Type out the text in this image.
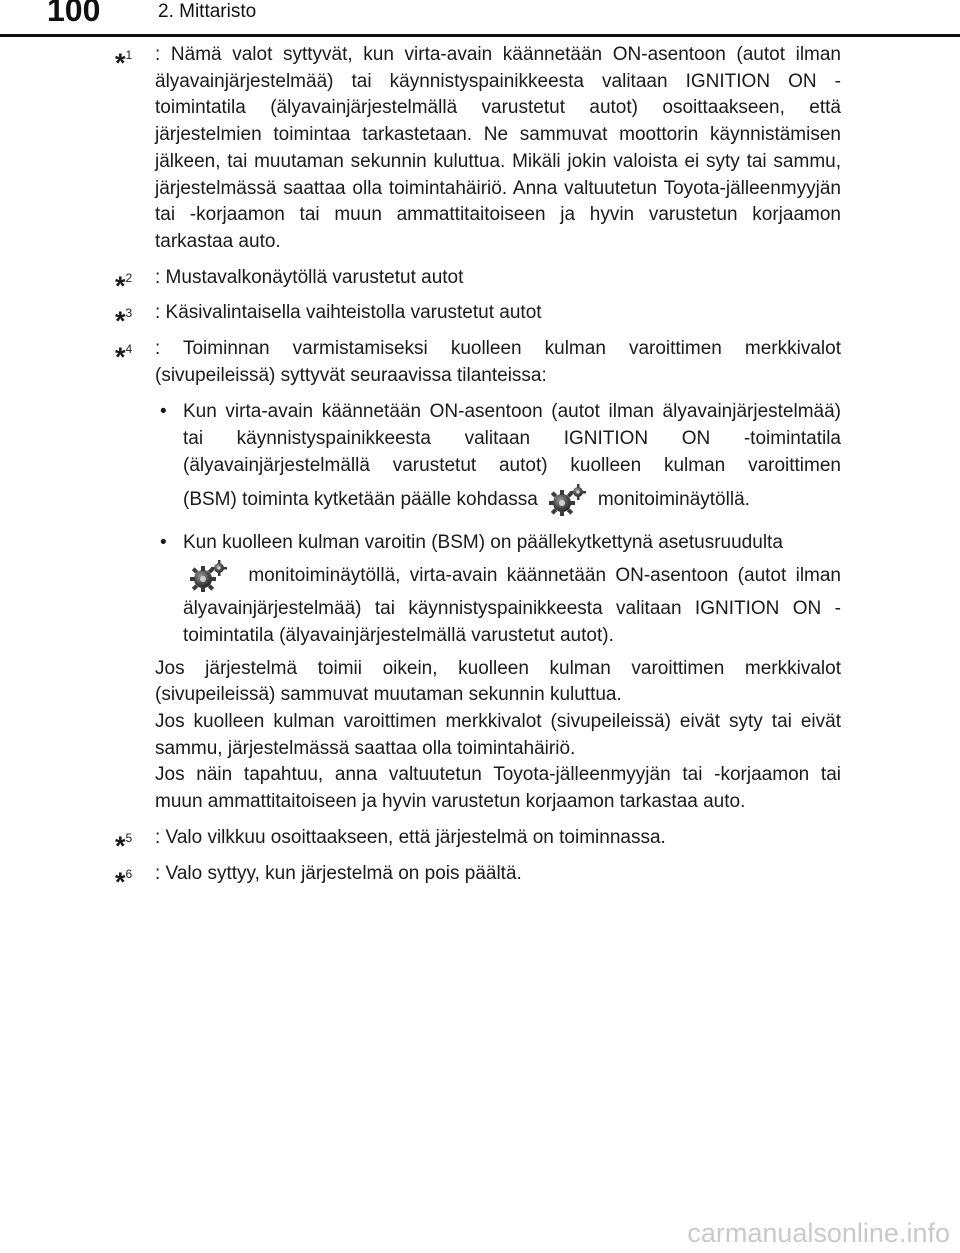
100	2. Mittaristo
*$^1$ : Nämä valot syttyvät, kun virta-avain käännetään ON-asentoon (autot ilman älyavainjärjestelmää) tai käynnistyspainikkeesta valitaan IGNITION ON -toimintatila (älyavainjärjestelmällä varustetut autot) osoittaakseen, että järjestelmien toimintaa tarkastetaan. Ne sammuvat moottorin käynnistämisen jälkeen, tai muutaman sekunnin kuluttua. Mikäli jokin valoista ei syty tai sammu, järjestelmässä saattaa olla toimintahäiriö. Anna valtuutetun Toyota-jälleenmyyjän tai -korjaamon tai muun ammattitaitoiseen ja hyvin varustetun korjaamon tarkastaa auto.
*$^2$ : Mustavalkonäytöllä varustetut autot
*$^3$ : Käsivalintaisella vaihteistolla varustetut autot
*$^4$ : Toiminnan varmistamiseksi kuolleen kulman varoittimen merkkivalot (sivupeileissä) syttyvät seuraavissa tilanteissa:
• Kun virta-avain käännetään ON-asentoon (autot ilman älyavainjärjestelmää) tai käynnistyspainikkeesta valitaan IGNITION ON -toimintatila (älyavainjärjestelmällä varustetut autot) kuolleen kulman varoittimen (BSM) toiminta kytketään päälle kohdassa	monitoiminäytöllä.
• Kun kuolleen kulman varoitin (BSM) on päällekytkettynä asetusruudulta
monitoiminäytöllä, virta-avain käännetään ON-asentoon (autot ilman älyavainjärjestelmää) tai käynnistyspainikkeesta valitaan IGNITION ON -toimintatila (älyavainjärjestelmällä varustetut autot).

Jos järjestelmä toimii oikein, kuolleen kulman varoittimen merkkivalot (sivupeileissä) sammuvat muutaman sekunnin kuluttua.

Jos kuolleen kulman varoittimen merkkivalot (sivupeileissä) eivät syty tai eivät sammu, järjestelmässä saattaa olla toimintahäiriö.

Jos näin tapahtuu, anna valtuutetun Toyota-jälleenmyyjän tai -korjaamon tai muun ammattitaitoiseen ja hyvin varustetun korjaamon tarkastaa auto.

*$^5$ : Valo vilkkuu osoittaakseen, että järjestelmä on toiminnassa.
*$^6$ : Valo syttyy, kun järjestelmä on pois päältä.
carmanualsonline.info
